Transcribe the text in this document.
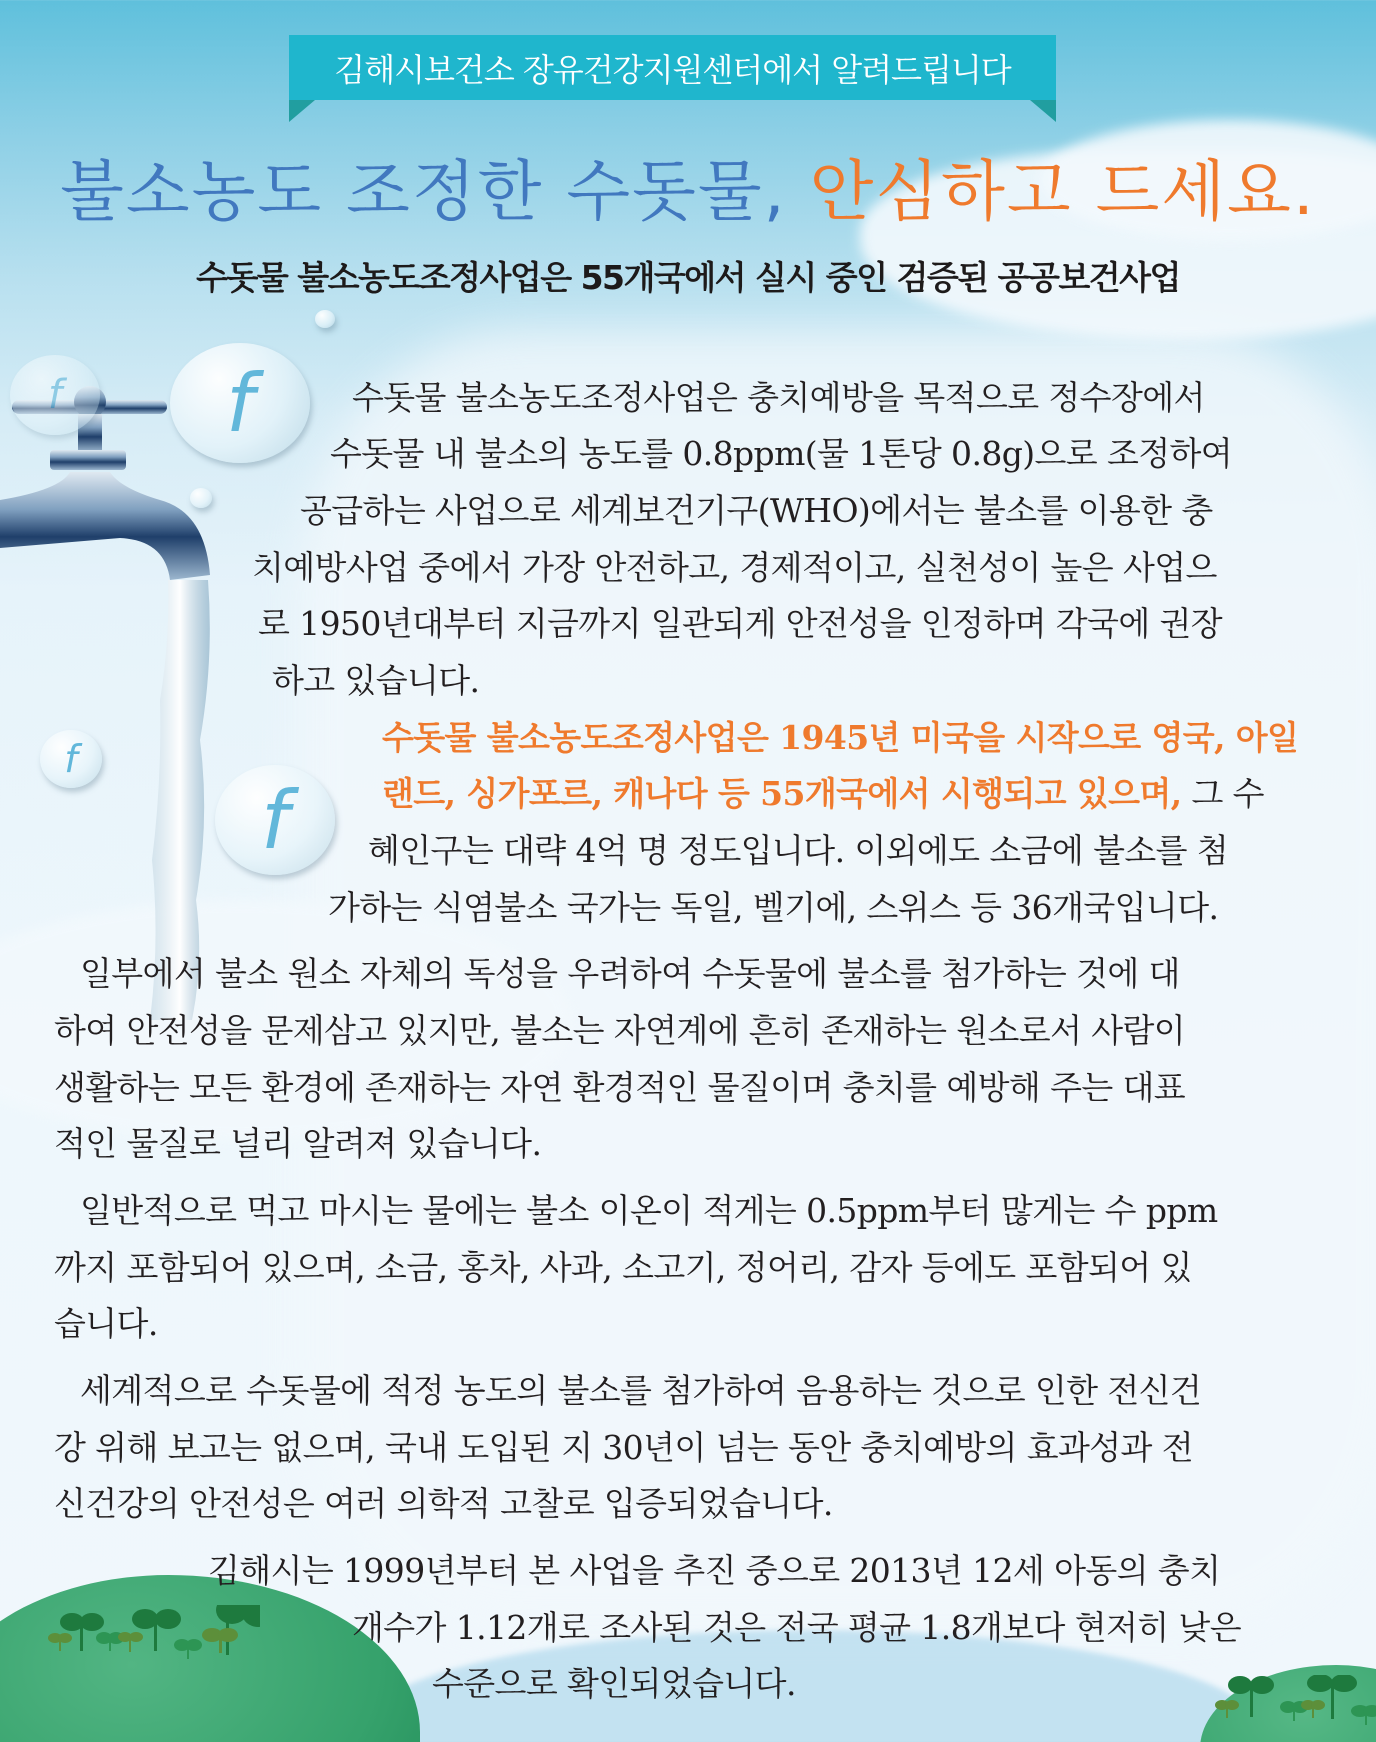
김해시보건소 장유건강지원센터에서 알려드립니다
불소농도 조정한 수돗물, 안심하고 드세요.
수돗물 불소농도조정사업은 55개국에서 실시 중인 검증된 공공보건사업
f
f
f
f
수돗물 불소농도조정사업은 충치예방을 목적으로 정수장에서
수돗물 내 불소의 농도를 0.8ppm(물 1톤당 0.8g)으로 조정하여
공급하는 사업으로 세계보건기구(WHO)에서는 불소를 이용한 충
치예방사업 중에서 가장 안전하고, 경제적이고, 실천성이 높은 사업으
로 1950년대부터 지금까지 일관되게 안전성을 인정하며 각국에 권장
하고 있습니다.
수돗물 불소농도조정사업은 1945년 미국을 시작으로 영국, 아일
랜드, 싱가포르, 캐나다 등 55개국에서 시행되고 있으며, 그 수
혜인구는 대략 4억 명 정도입니다. 이외에도 소금에 불소를 첨
가하는 식염불소 국가는 독일, 벨기에, 스위스 등 36개국입니다.
일부에서 불소 원소 자체의 독성을 우려하여 수돗물에 불소를 첨가하는 것에 대
하여 안전성을 문제삼고 있지만, 불소는 자연계에 흔히 존재하는 원소로서 사람이
생활하는 모든 환경에 존재하는 자연 환경적인 물질이며 충치를 예방해 주는 대표
적인 물질로 널리 알려져 있습니다.
일반적으로 먹고 마시는 물에는 불소 이온이 적게는 0.5ppm부터 많게는 수 ppm
까지 포함되어 있으며, 소금, 홍차, 사과, 소고기, 정어리, 감자 등에도 포함되어 있
습니다.
세계적으로 수돗물에 적정 농도의 불소를 첨가하여 음용하는 것으로 인한 전신건
강 위해 보고는 없으며, 국내 도입된 지 30년이 넘는 동안 충치예방의 효과성과 전
신건강의 안전성은 여러 의학적 고찰로 입증되었습니다.
김해시는 1999년부터 본 사업을 추진 중으로 2013년 12세 아동의 충치
개수가 1.12개로 조사된 것은 전국 평균 1.8개보다 현저히 낮은
수준으로 확인되었습니다.
